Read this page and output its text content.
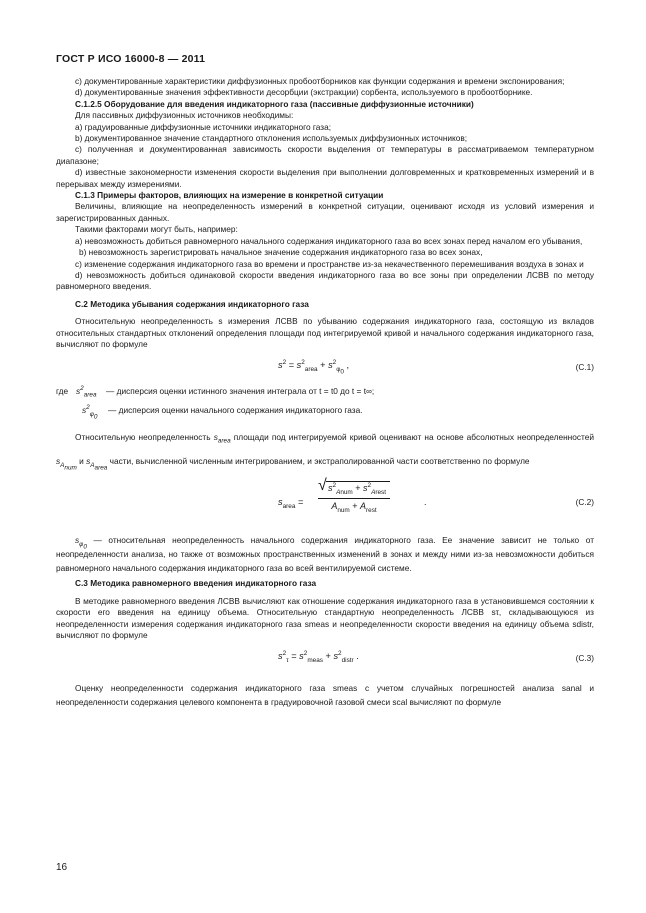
ГОСТ Р ИСО 16000-8 — 2011

c) документированные характеристики диффузионных пробоотборников как функции содержания и времени экспонирования;

d) документированные значения эффективности десорбции (экстракции) сорбента, используемого в пробоотборнике.

С.1.2.5 Оборудование для введения индикаторного газа (пассивные диффузионные источники)

Для пассивных диффузионных источников необходимы:

a) градуированные диффузионные источники индикаторного газа;

b) документированное значение стандартного отклонения используемых диффузионных источников;

c) полученная и документированная зависимость скорости выделения от температуры в рассматриваемом температурном диапазоне;

d) известные закономерности изменения скорости выделения при выполнении долговременных и кратковременных измерений и в перерывах между измерениями.

С.1.3 Примеры факторов, влияющих на измерение в конкретной ситуации

Величины, влияющие на неопределенность измерений в конкретной ситуации, оценивают исходя из условий измерения и зарегистрированных данных.

Такими факторами могут быть, например:

a) невозможность добиться равномерного начального содержания индикаторного газа во всех зонах перед началом его убывания,

b) невозможность зарегистрировать начальное значение содержания индикаторного газа во всех зонах,

c) изменение содержания индикаторного газа во времени и пространстве из-за некачественного перемешивания воздуха в зонах и

d) невозможность добиться одинаковой скорости введения индикаторного газа во все зоны при определении ЛСВВ по методу равномерного введения.

С.2 Методика убывания содержания индикаторного газа

Относительную неопределенность s измерения ЛСВВ по убыванию содержания индикаторного газа, состоящую из вкладов относительных стандартных отклонений определения площади под интегрируемой кривой и начального содержания индикаторного газа, вычисляют по формуле

$s^2 = s^2_{area} + s^2_{\varphi_0}$ ,	(С.1)
где $s^2_{area}$ — дисперсия оценки истинного значения интеграла от t = t0 до t = t∞;
$s^2_{\varphi_0}$
— дисперсия оценки начального содержания индикаторного газа.

Относительную неопределенность $s_{area}$ площади под интегрируемой кривой оценивают на основе абсолютных неопределенностей $s_{A_{num}}$ и $s_{A_{area}}$ части, вычисленной численным интегрированием, и экстраполированной части соответственно по формуле

$s_{area}$ =
√ $s^2_{Anum} + s^2_{Arest}$
$A_{num} + A_{rest}$
.	(С.2)

$s_{\varphi_0}$ — относительная неопределенность начального содержания индикаторного газа. Ее значение зависит не только от неопределенности анализа, но также от возможных пространственных изменений в зонах и между ними из-за невозможности добиться равномерного начального содержания индикаторного газа во всей вентилируемой системе.

С.3 Методика равномерного введения индикаторного газа

В методике равномерного введения ЛСВВ вычисляют как отношение содержания индикаторного газа в установившемся состоянии к скорости его введения на единицу объема. Относительную стандартную неопределенность ЛСВВ sτ, складывающуюся из неопределенности измерения содержания индикаторного газа smeas и неопределенности скорости введения на единицу объема sdistr, вычисляют по формуле

$s^2_\tau = s^2_{meas} + s^2_{distr}$ .	(С.3)

Оценку неопределенности содержания индикаторного газа smeas с учетом случайных погрешностей анализа sanal и неопределенности содержания целевого компонента в градуировочной газовой смеси scal вычисляют по формуле

16
